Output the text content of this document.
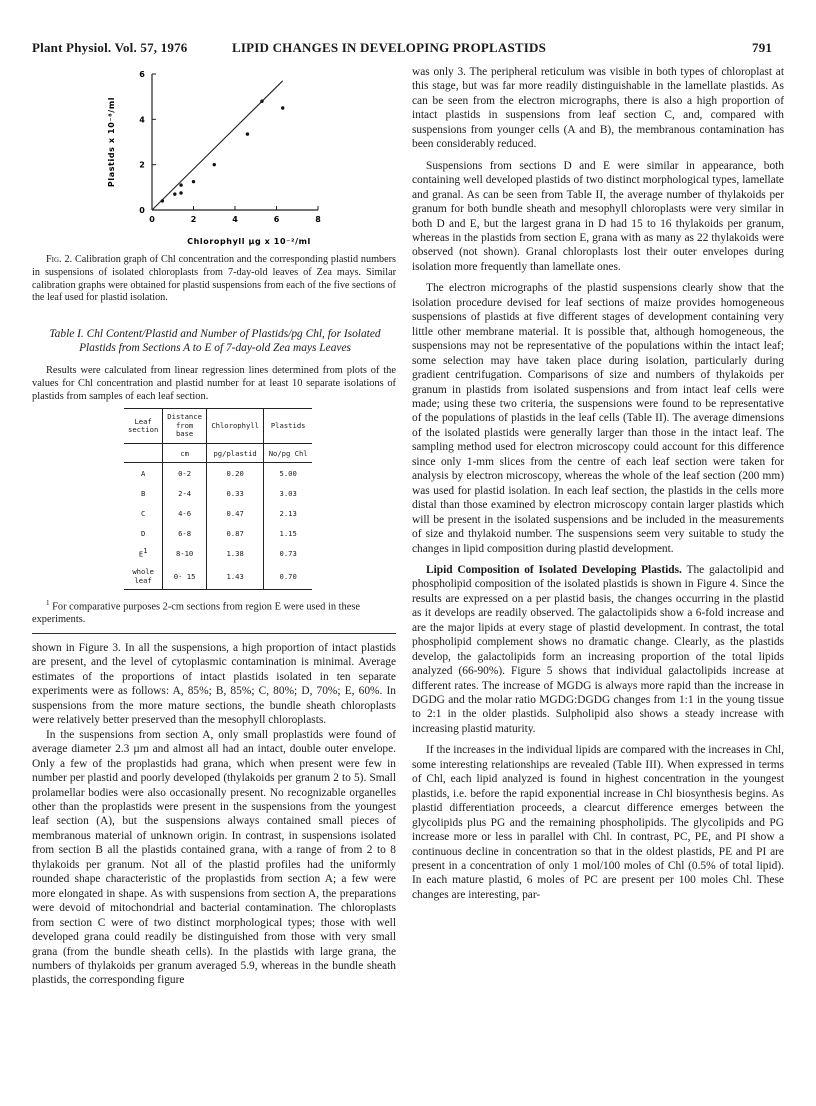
Plant Physiol. Vol. 57, 1976	LIPID CHANGES IN DEVELOPING PROPLASTIDS	791
0	2	4	6	8
0
2
4
6
Chlorophyll µg x 10⁻²/ml
Plastids x 10⁻⁸/ml
Fig. 2. Calibration graph of Chl concentration and the corresponding plastid numbers in suspensions of isolated chloroplasts from 7-day-old leaves of Zea mays. Similar calibration graphs were obtained for plastid suspensions from each of the five sections of the leaf used for plastid isolation.
Table I. Chl Content/Plastid and Number of Plastids/pg Chl, for Isolated Plastids from Sections A to E of 7-day-old Zea mays Leaves
Results were calculated from linear regression lines determined from plots of the values for Chl concentration and plastid number for at least 10 separate isolations of plastids from samples of each leaf section.
Leaf section	Distance from base	Chlorophyll	Plastids
	cm	pg/plastid	No/pg Chl
A	0-2	0.20	5.00
B	2-4	0.33	3.03
C	4-6	0.47	2.13
D	6-8	0.87	1.15
E1	8-10	1.38	0.73
whole leaf	0- 15	1.43	0.70
$^1$ For comparative purposes 2-cm sections from region E were used in these experiments.

shown in Figure 3. In all the suspensions, a high proportion of intact plastids are present, and the level of cytoplasmic contamination is minimal. Average estimates of the proportions of intact plastids isolated in ten separate experiments were as follows: A, 85%; B, 85%; C, 80%; D, 70%; E, 60%. In suspensions from the more mature sections, the bundle sheath chloroplasts were relatively better preserved than the mesophyll chloroplasts.

In the suspensions from section A, only small proplastids were found of average diameter 2.3 µm and almost all had an intact, double outer envelope. Only a few of the proplastids had grana, which when present were few in number per plastid and poorly developed (thylakoids per granum 2 to 5). Small prolamellar bodies were also occasionally present. No recognizable organelles other than the proplastids were present in the suspensions from the youngest leaf section (A), but the suspensions always contained small pieces of membranous material of unknown origin. In contrast, in suspensions isolated from section B all the plastids contained grana, with a range of from 2 to 8 thylakoids per granum. Not all of the plastid profiles had the uniformly rounded shape characteristic of the proplastids from section A; a few were more elongated in shape. As with suspensions from section A, the preparations were devoid of mitochondrial and bacterial contamination. The chloroplasts from section C were of two distinct morphological types; those with well developed grana could readily be distinguished from those with very small grana (from the bundle sheath cells). In the plastids with large grana, the numbers of thylakoids per granum averaged 5.9, whereas in the bundle sheath plastids, the corresponding figure

was only 3. The peripheral reticulum was visible in both types of chloroplast at this stage, but was far more readily distinguishable in the lamellate plastids. As can be seen from the electron micrographs, there is also a high proportion of intact plastids in suspensions from leaf section C, and, compared with suspensions from younger cells (A and B), the membranous contamination has been considerably reduced.

Suspensions from sections D and E were similar in appearance, both containing well developed plastids of two distinct morphological types, lamellate and granal. As can be seen from Table II, the average number of thylakoids per granum for both bundle sheath and mesophyll chloroplasts were very similar in both D and E, but the largest grana in D had 15 to 16 thylakoids per granum, whereas in the plastids from section E, grana with as many as 22 thylakoids were observed (not shown). Granal chloroplasts lost their outer envelopes during isolation more frequently than lamellate ones.

The electron micrographs of the plastid suspensions clearly show that the isolation procedure devised for leaf sections of maize provides homogeneous suspensions of plastids at five different stages of development containing very little other membrane material. It is possible that, although homogeneous, the suspensions may not be representative of the populations within the intact leaf; some selection may have taken place during isolation, particularly during gradient centrifugation. Comparisons of size and numbers of thylakoids per granum in plastids from isolated suspensions and from intact leaf cells were made; using these two criteria, the suspensions were found to be representative of the populations of plastids in the leaf cells (Table II). The average dimensions of the isolated plastids were generally larger than those in the intact leaf. The sampling method used for electron microscopy could account for this difference since only 1-mm slices from the centre of each leaf section were taken for analysis by electron microscopy, whereas the whole of the leaf section (200 mm) was used for plastid isolation. In each leaf section, the plastids in the cells more distal than those examined by electron microscopy contain larger plastids which will be present in the isolated suspensions and be included in the measurements of size and thylakoid number. The suspensions seem very suitable to study the changes in lipid composition during plastid development.

Lipid Composition of Isolated Developing Plastids. The galactolipid and phospholipid composition of the isolated plastids is shown in Figure 4. Since the results are expressed on a per plastid basis, the changes occurring in the plastid as it develops are readily observed. The galactolipids show a 6-fold increase and are the major lipids at every stage of plastid development. In contrast, the total phospholipid complement shows no dramatic change. Clearly, as the plastids develop, the galactolipids form an increasing proportion of the total lipids analyzed (66-90%). Figure 5 shows that individual galactolipids increase at different rates. The increase of MGDG is always more rapid than the increase in DGDG and the molar ratio MGDG:DGDG changes from 1:1 in the young tissue to 2:1 in the older plastids. Sulpholipid also shows a steady increase with increasing plastid maturity.

If the increases in the individual lipids are compared with the increases in Chl, some interesting relationships are revealed (Table III). When expressed in terms of Chl, each lipid analyzed is found in highest concentration in the youngest plastids, i.e. before the rapid exponential increase in Chl biosynthesis begins. As plastid differentiation proceeds, a clearcut difference emerges between the glycolipids plus PG and the remaining phospholipids. The glycolipids and PG increase more or less in parallel with Chl. In contrast, PC, PE, and PI show a continuous decline in concentration so that in the oldest plastids, PE and PI are present in a concentration of only 1 mol/100 moles of Chl (0.5% of total lipid). In each mature plastid, 6 moles of PC are present per 100 moles Chl. These changes are interesting, par-
